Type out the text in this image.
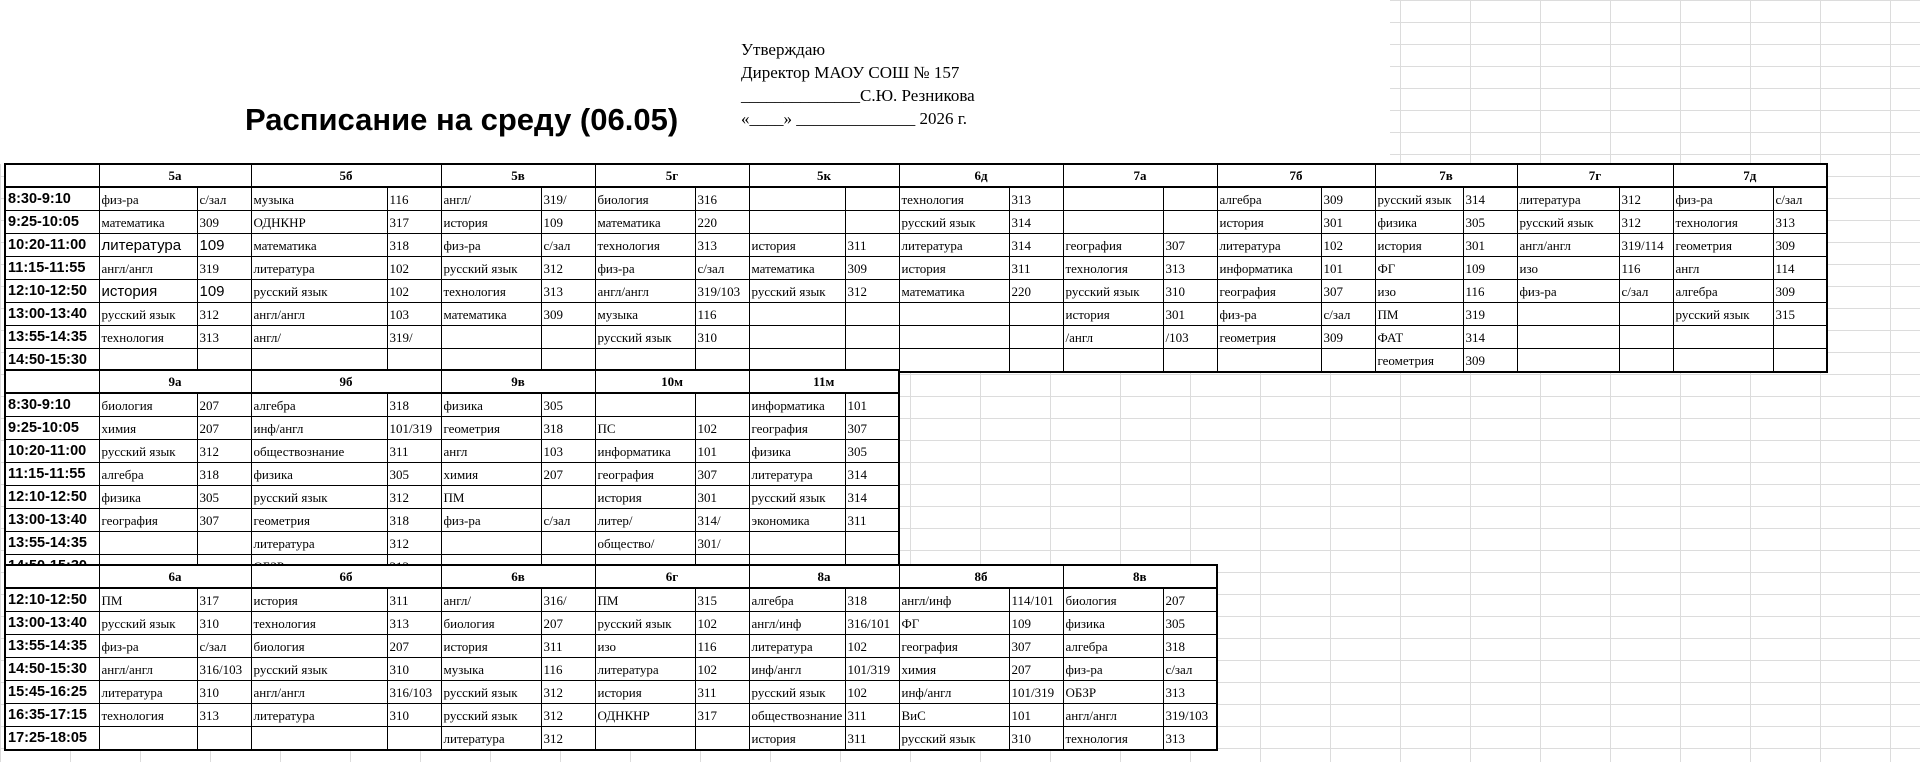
Расписание на среду (06.05)
Утверждаю
Директор МАОУ СОШ № 157
______________С.Ю. Резникова
«____» ______________ 2026 г.
	5а		5б		5в		5г		5к		6д		7а		7б		7в		7г		7д	
8:30-9:10	физ-ра	с/зал	музыка	116	англ/	319/	биология	316			технология	313			алгебра	309	русский язык	314	литература	312	физ-ра	с/зал
9:25-10:05	математика	309	ОДНКНР	317	история	109	математика	220			русский язык	314			история	301	физика	305	русский язык	312	технология	313
10:20-11:00	литература	109	математика	318	физ-ра	с/зал	технология	313	история	311	литература	314	география	307	литература	102	история	301	англ/англ	319/114	геометрия	309
11:15-11:55	англ/англ	319	литература	102	русский язык	312	физ-ра	с/зал	математика	309	история	311	технология	313	информатика	101	ФГ	109	изо	116	англ	114
12:10-12:50	история	109	русский язык	102	технология	313	англ/англ	319/103	русский язык	312	математика	220	русский язык	310	география	307	изо	116	физ-ра	с/зал	алгебра	309
13:00-13:40	русский язык	312	англ/англ	103	математика	309	музыка	116					история	301	физ-ра	с/зал	ПМ	319			русский язык	315
13:55-14:35	технология	313	англ/	319/			русский язык	310					/англ	/103	геометрия	309	ФАТ	314				
14:50-15:30																	геометрия	309				
	9а		9б		9в		10м		11м	
8:30-9:10	биология	207	алгебра	318	физика	305			информатика	101
9:25-10:05	химия	207	инф/англ	101/319	геометрия	318	ПС	102	география	307
10:20-11:00	русский язык	312	обществознание	311	англ	103	информатика	101	физика	305
11:15-11:55	алгебра	318	физика	305	химия	207	география	307	литература	314
12:10-12:50	физика	305	русский язык	312	ПМ		история	301	русский язык	314
13:00-13:40	география	307	геометрия	318	физ-ра	с/зал	литер/	314/	экономика	311
13:55-14:35			литература	312			общество/	301/		

	6а		6б		6в		6г		8а		8б		8в	
12:10-12:50	ПМ	317	история	311	англ/	316/	ПМ	315	алгебра	318	англ/инф	114/101	биология	207
13:00-13:40	русский язык	310	технология	313	биология	207	русский язык	102	англ/инф	316/101	ФГ	109	физика	305
13:55-14:35	физ-ра	с/зал	биология	207	история	311	изо	116	литература	102	география	307	алгебра	318
14:50-15:30	англ/англ	316/103	русский язык	310	музыка	116	литература	102	инф/англ	101/319	химия	207	физ-ра	с/зал
15:45-16:25	литература	310	англ/англ	316/103	русский язык	312	история	311	русский язык	102	инф/англ	101/319	ОБЗР	313
16:35-17:15	технология	313	литература	310	русский язык	312	ОДНКНР	317	обществознание	311	ВиС	101	англ/англ	319/103
17:25-18:05					литература	312			история	311	русский язык	310	технология	313
